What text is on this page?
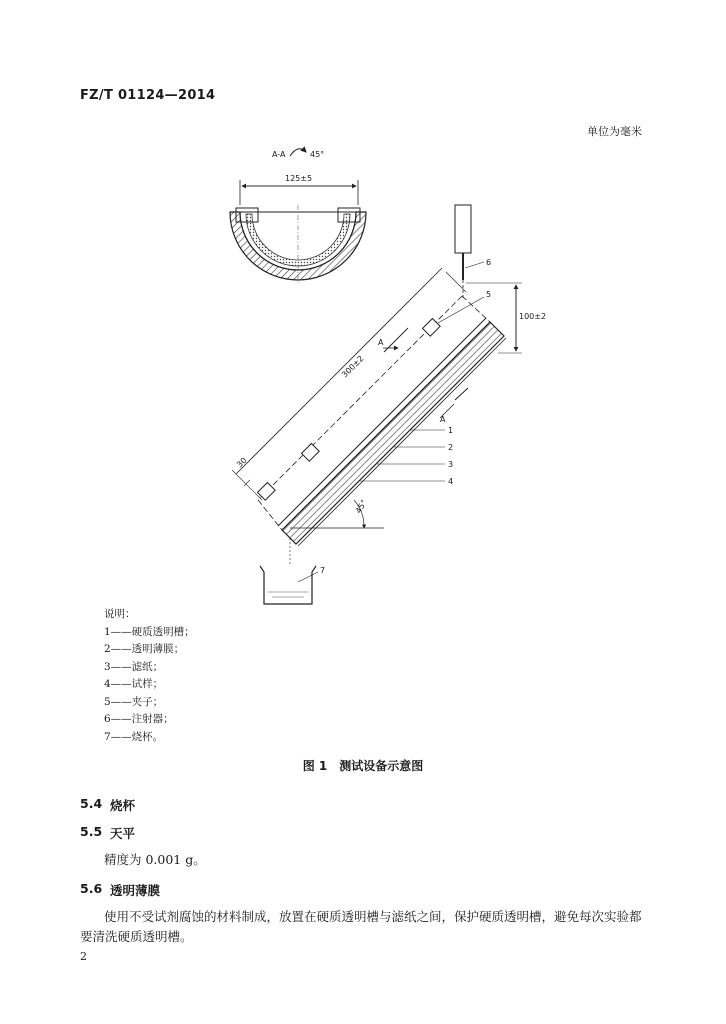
FZ/T 01124—2014
单位为毫米
A-A	45°
125±5
6
5
300±2
30
A
A
100±2
1
2
3
4
45°
7
说明：
1——硬质透明槽；
2——透明薄膜；
3——滤纸；
4——试样；
5——夹子；
6——注射器；
7——烧杯。
图 1　测试设备示意图
5.4 烧杯
5.5 天平
精度为 0.001 g。
5.6 透明薄膜
使用不受试剂腐蚀的材料制成，放置在硬质透明槽与滤纸之间，保护硬质透明槽，避免每次实验都
要清洗硬质透明槽。
2
